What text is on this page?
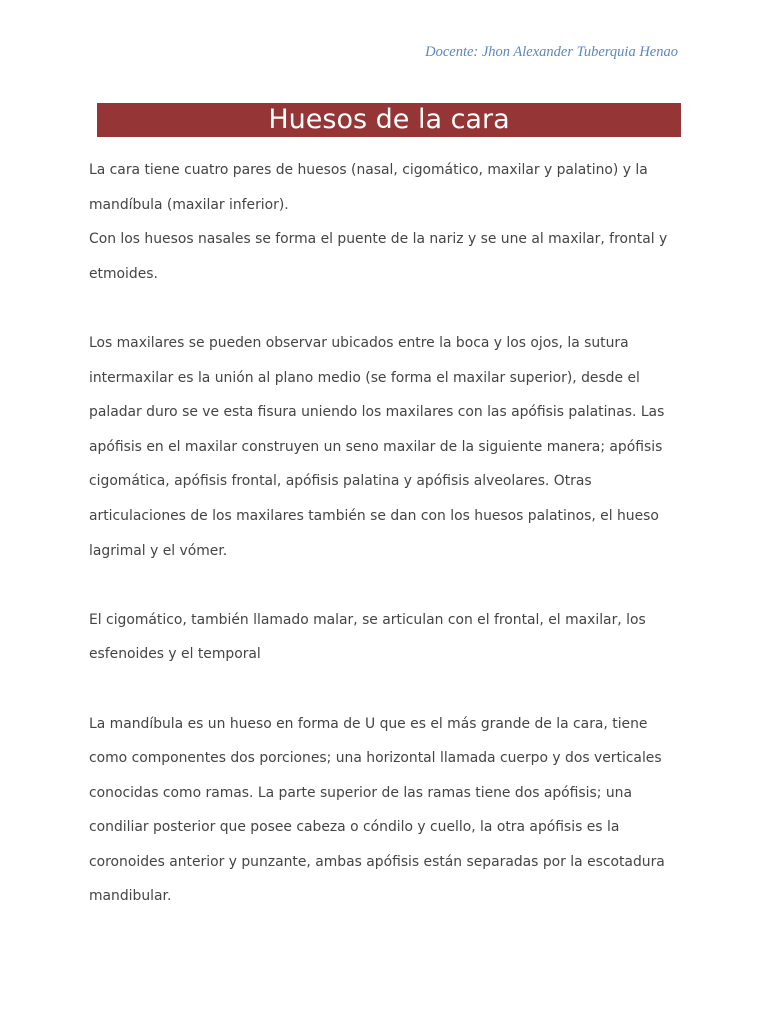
Docente: Jhon Alexander Tuberquia Henao
Huesos de la cara

La cara tiene cuatro pares de huesos (nasal, cigomático, maxilar y palatino) y la mandíbula (maxilar inferior).

Con los huesos nasales se forma el puente de la nariz y se une al maxilar, frontal y etmoides.

Los maxilares se pueden observar ubicados entre la boca y los ojos, la sutura intermaxilar es la unión al plano medio (se forma el maxilar superior), desde el paladar duro se ve esta fisura uniendo los maxilares con las apófisis palatinas. Las apófisis en el maxilar construyen un seno maxilar de la siguiente manera; apófisis cigomática, apófisis frontal, apófisis palatina y apófisis alveolares. Otras articulaciones de los maxilares también se dan con los huesos palatinos, el hueso lagrimal y el vómer.

El cigomático, también llamado malar, se articulan con el frontal, el maxilar, los esfenoides y el temporal

La mandíbula es un hueso en forma de U que es el más grande de la cara, tiene como componentes dos porciones; una horizontal llamada cuerpo y dos verticales conocidas como ramas. La parte superior de las ramas tiene dos apófisis; una condiliar posterior que posee cabeza o cóndilo y cuello, la otra apófisis es la coronoides anterior y punzante, ambas apófisis están separadas por la escotadura mandibular.
